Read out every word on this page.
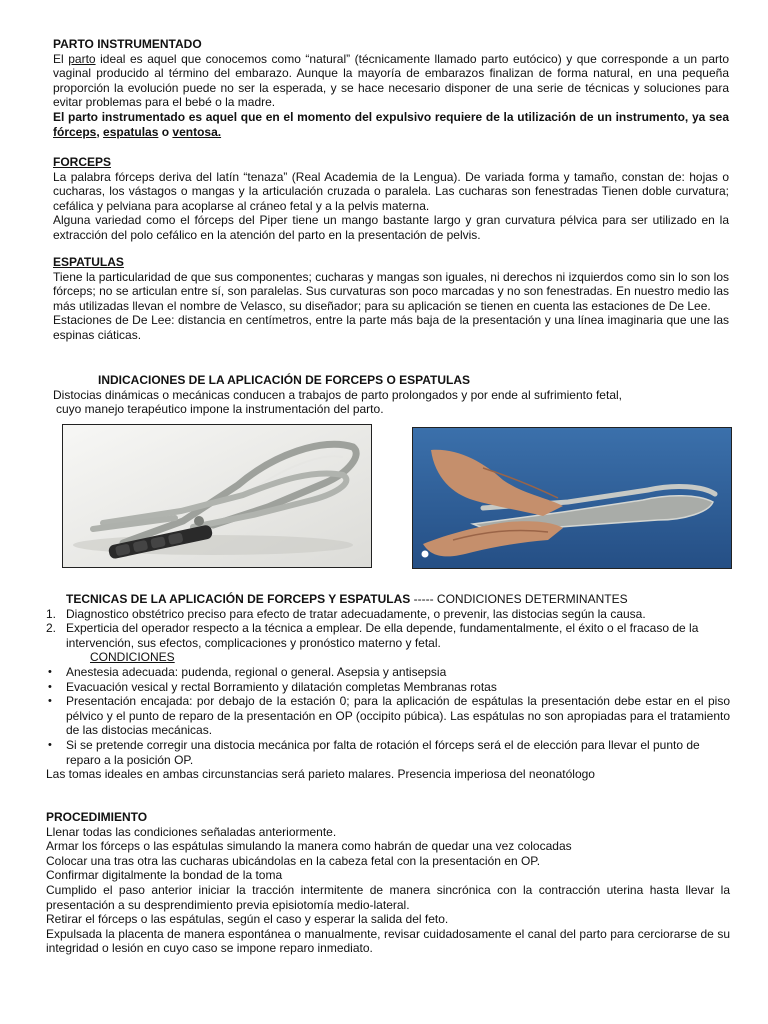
PARTO INSTRUMENTADO

El parto ideal es aquel que conocemos como “natural” (técnicamente llamado parto eutócico) y que corresponde a un parto vaginal producido al término del embarazo. Aunque la mayoría de embarazos finalizan de forma natural, en una pequeña proporción la evolución puede no ser la esperada, y se hace necesario disponer de una serie de técnicas y soluciones para evitar problemas para el bebé o la madre.

El parto instrumentado es aquel que en el momento del expulsivo requiere de la utilización de un instrumento, ya sea fórceps, espatulas o ventosa.

FORCEPS

La palabra fórceps deriva del latín “tenaza” (Real Academia de la Lengua). De variada forma y tamaño, constan de: hojas o cucharas, los vástagos o mangas y la articulación cruzada o paralela. Las cucharas son fenestradas Tienen doble curvatura; cefálica y pelviana para acoplarse al cráneo fetal y a la pelvis materna.

Alguna variedad como el fórceps del Piper tiene un mango bastante largo y gran curvatura pélvica para ser utilizado en la extracción del polo cefálico en la atención del parto en la presentación de pelvis.

ESPATULAS

Tiene la particularidad de que sus componentes; cucharas y mangas son iguales, ni derechos ni izquierdos como sin lo son los fórceps; no se articulan entre sí, son paralelas. Sus curvaturas son poco marcadas y no son fenestradas. En nuestro medio las más utilizadas llevan el nombre de Velasco, su diseñador; para su aplicación se tienen en cuenta las estaciones de De Lee.

Estaciones de De Lee: distancia en centímetros, entre la parte más baja de la presentación y una línea imaginaria que une las espinas ciáticas.

INDICACIONES DE LA APLICACIÓN DE FORCEPS O ESPATULAS
Distocias dinámicas o mecánicas conducen a trabajos de parto prolongados y por ende al sufrimiento fetal,
cuyo manejo terapéutico impone la instrumentación del parto.
TECNICAS DE LA APLICACIÓN DE FORCEPS Y ESPATULAS ----- CONDICIONES DETERMINANTES
1. Diagnostico obstétrico preciso para efecto de tratar adecuadamente, o prevenir, las distocias según la causa.
2. Experticia del operador respecto a la técnica a emplear. De ella depende, fundamentalmente, el éxito o el fracaso de la intervención, sus efectos, complicaciones y pronóstico materno y fetal.
CONDICIONES
• Anestesia adecuada: pudenda, regional o general. Asepsia y antisepsia
• Evacuación vesical y rectal Borramiento y dilatación completas Membranas rotas
• Presentación encajada: por debajo de la estación 0; para la aplicación de espátulas la presentación debe estar en el piso pélvico y el punto de reparo de la presentación en OP (occipito púbica). Las espátulas no son apropiadas para el tratamiento de las distocias mecánicas.

• Si se pretende corregir una distocia mecánica por falta de rotación el fórceps será el de elección para llevar el punto de reparo a la posición OP.
Las tomas ideales en ambas circunstancias será parieto malares. Presencia imperiosa del neonatólogo
PROCEDIMIENTO
Llenar todas las condiciones señaladas anteriormente.
Armar los fórceps o las espátulas simulando la manera como habrán de quedar una vez colocadas
Colocar una tras otra las cucharas ubicándolas en la cabeza fetal con la presentación en OP.
Confirmar digitalmente la bondad de la toma

Cumplido el paso anterior iniciar la tracción intermitente de manera sincrónica con la contracción uterina hasta llevar la presentación a su desprendimiento previa episiotomía medio-lateral.

Retirar el fórceps o las espátulas, según el caso y esperar la salida del feto.

Expulsada la placenta de manera espontánea o manualmente, revisar cuidadosamente el canal del parto para cerciorarse de su integridad o lesión en cuyo caso se impone reparo inmediato.
